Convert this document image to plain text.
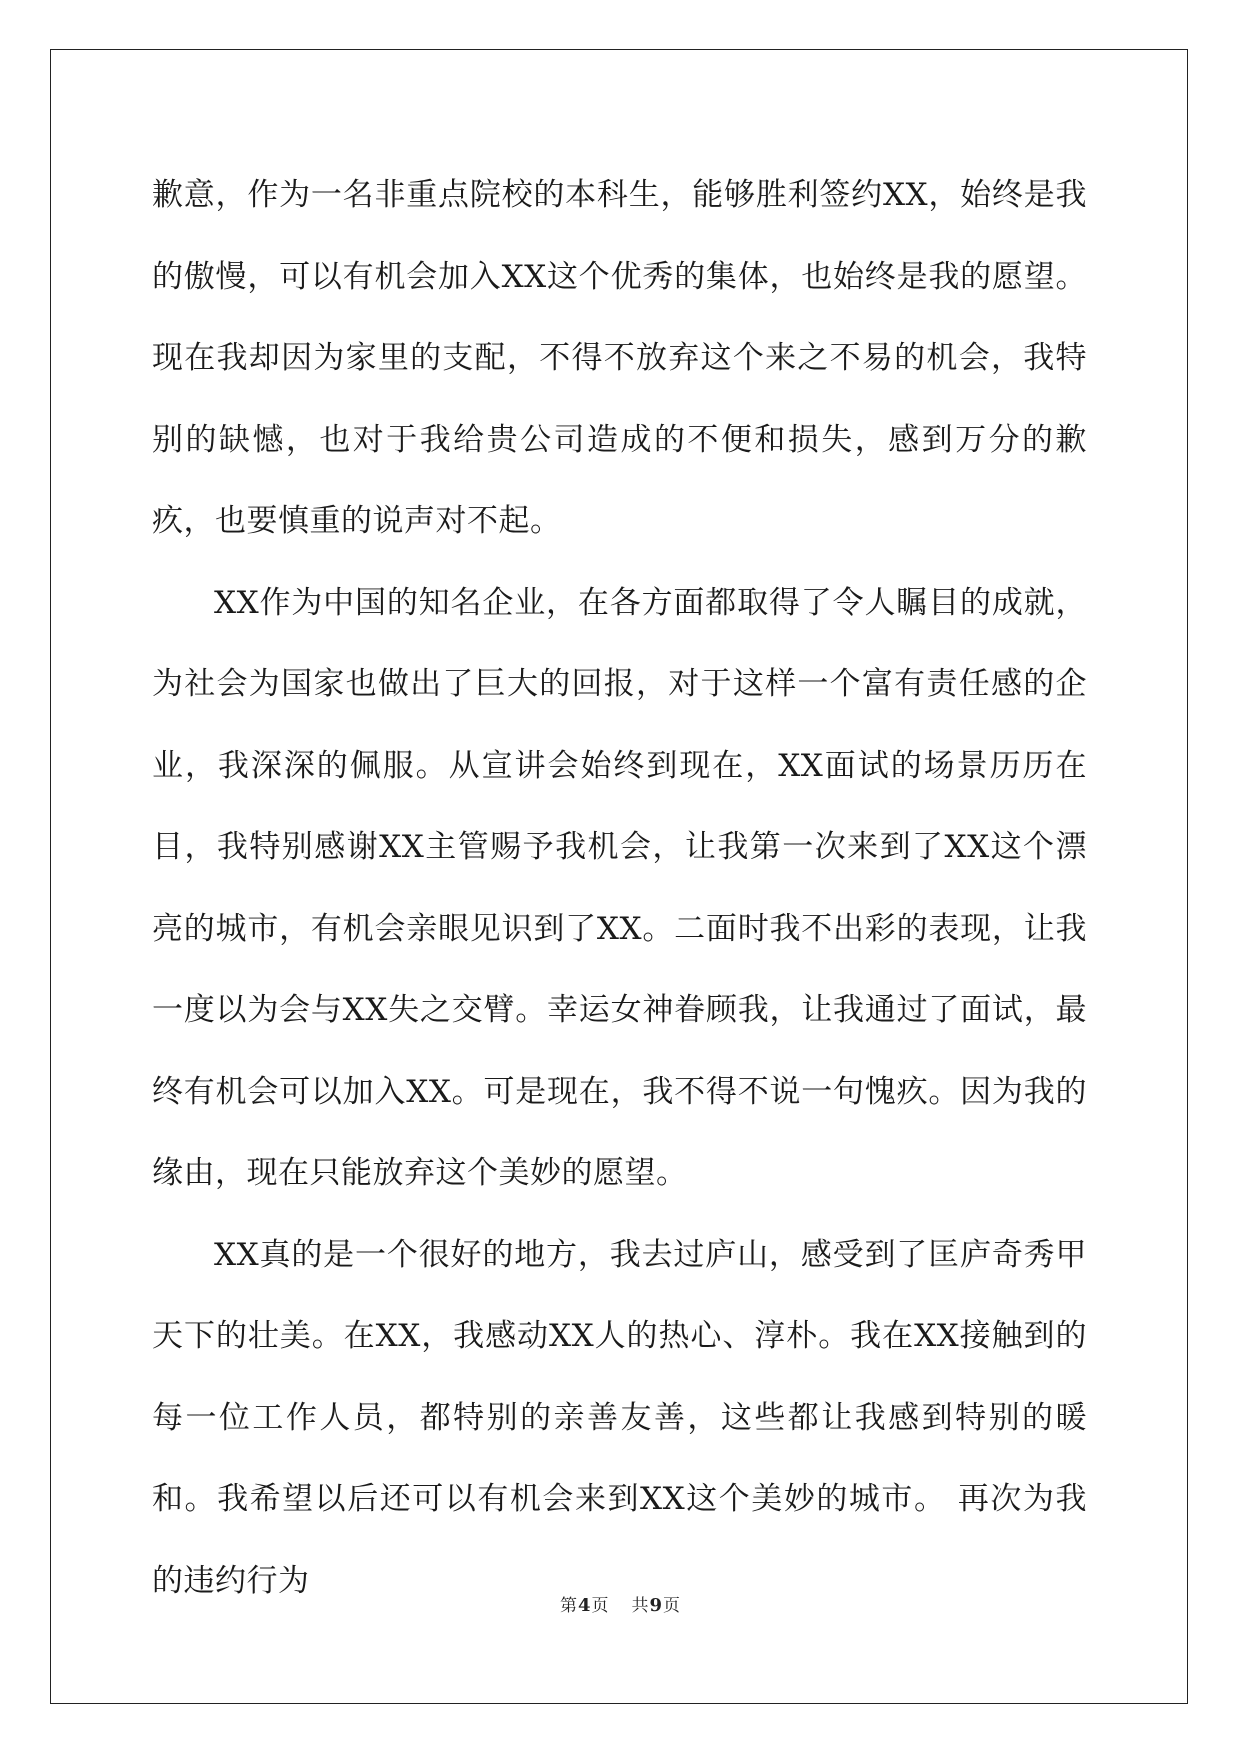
歉意，作为一名非重点院校的本科生，能够胜利签约XX，始终是我的傲慢，可以有机会加入XX这个优秀的集体，也始终是我的愿望。现在我却因为家里的支配，不得不放弃这个来之不易的机会，我特别的缺憾，也对于我给贵公司造成的不便和损失，感到万分的歉疚，也要慎重的说声对不起。

XX作为中国的知名企业，在各方面都取得了令人瞩目的成就，为社会为国家也做出了巨大的回报，对于这样一个富有责任感的企业，我深深的佩服。从宣讲会始终到现在，XX面试的场景历历在目，我特别感谢XX主管赐予我机会，让我第一次来到了XX这个漂亮的城市，有机会亲眼见识到了XX。二面时我不出彩的表现，让我一度以为会与XX失之交臂。幸运女神眷顾我，让我通过了面试，最终有机会可以加入XX。可是现在，我不得不说一句愧疚。因为我的缘由，现在只能放弃这个美妙的愿望。

XX真的是一个很好的地方，我去过庐山，感受到了匡庐奇秀甲天下的壮美。在XX，我感动XX人的热心、淳朴。我在XX接触到的每一位工作人员，都特别的亲善友善，这些都让我感到特别的暖和。我希望以后还可以有机会来到XX这个美妙的城市。 再次为我的违约行为

第4页 共9页
